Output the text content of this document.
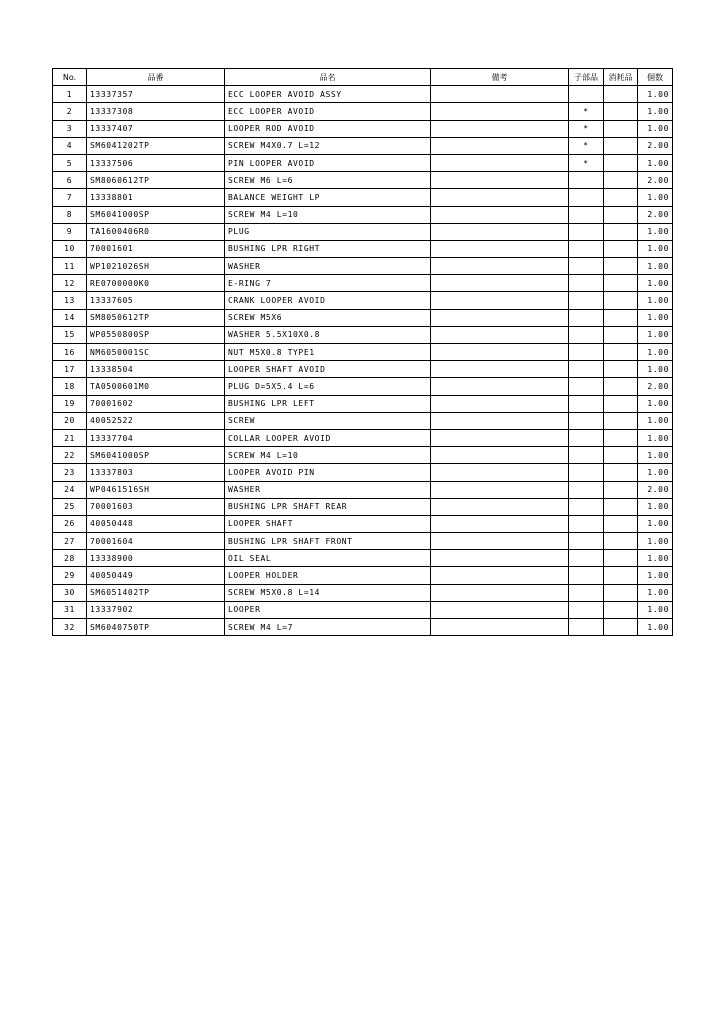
No.	品番	品名	備考	子部品	消耗品	個数
1	13337357	ECC LOOPER AVOID ASSY				1.00
2	13337308	ECC LOOPER AVOID		*		1.00
3	13337407	LOOPER ROD AVOID		*		1.00
4	SM6041202TP	SCREW M4X0.7 L=12		*		2.00
5	13337506	PIN LOOPER AVOID		*		1.00
6	SM8060612TP	SCREW M6 L=6				2.00
7	13338801	BALANCE WEIGHT LP				1.00
8	SM6041000SP	SCREW M4 L=10				2.00
9	TA1600406R0	PLUG				1.00
10	70001601	BUSHING LPR RIGHT				1.00
11	WP1021026SH	WASHER				1.00
12	RE0700000K0	E-RING 7				1.00
13	13337605	CRANK LOOPER AVOID				1.00
14	SM8050612TP	SCREW M5X6				1.00
15	WP0550800SP	WASHER 5.5X10X0.8				1.00
16	NM6050001SC	NUT M5X0.8 TYPE1				1.00
17	13338504	LOOPER SHAFT AVOID				1.00
18	TA0500601M0	PLUG D=5X5.4 L=6				2.00
19	70001602	BUSHING LPR LEFT				1.00
20	40052522	SCREW				1.00
21	13337704	COLLAR LOOPER AVOID				1.00
22	SM6041000SP	SCREW M4 L=10				1.00
23	13337803	LOOPER AVOID PIN				1.00
24	WP0461516SH	WASHER				2.00
25	70001603	BUSHING LPR SHAFT REAR				1.00
26	40050448	LOOPER SHAFT				1.00
27	70001604	BUSHING LPR SHAFT FRONT				1.00
28	13338900	OIL SEAL				1.00
29	40050449	LOOPER HOLDER				1.00
30	SM6051402TP	SCREW M5X0.8 L=14				1.00
31	13337902	LOOPER				1.00
32	SM6040750TP	SCREW M4 L=7				1.00
